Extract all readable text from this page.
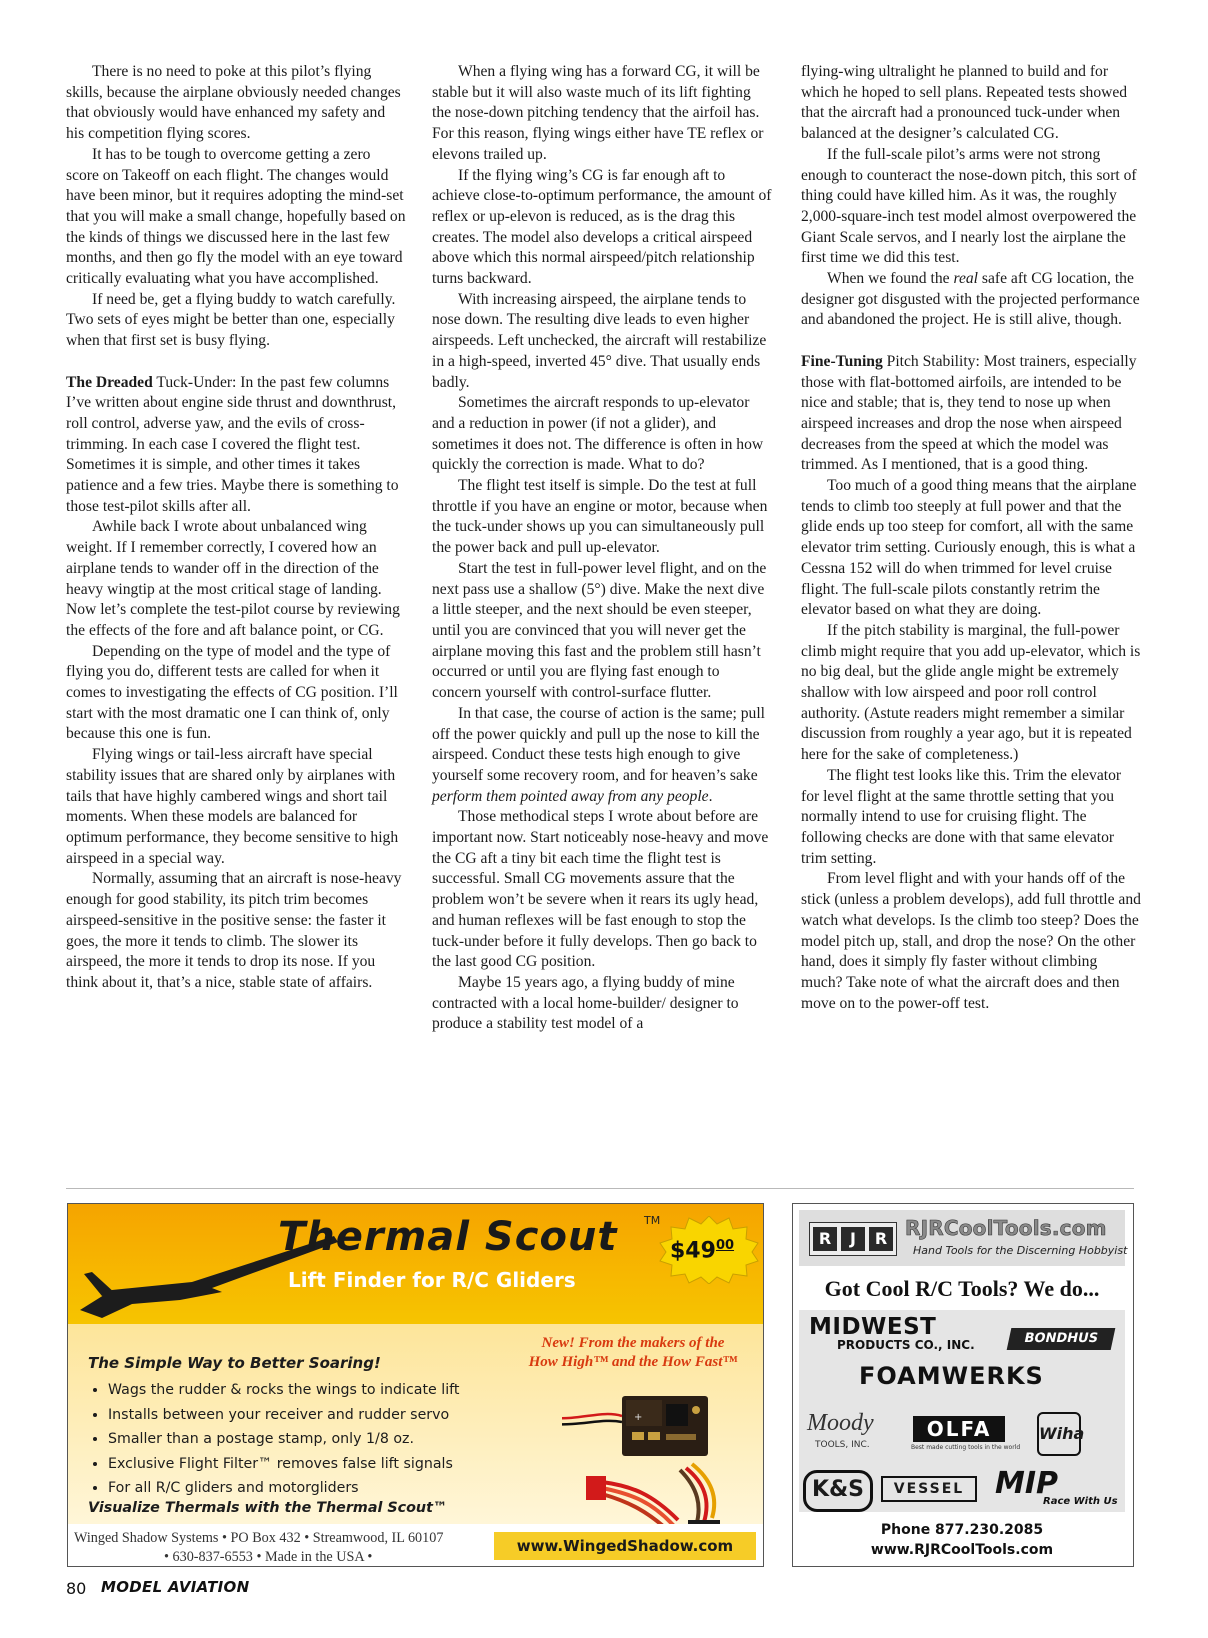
There is no need to poke at this pilot’s flying skills, because the airplane obviously needed changes that obviously would have enhanced my safety and his competition flying scores.

It has to be tough to overcome getting a zero score on Takeoff on each flight. The changes would have been minor, but it requires adopting the mind-set that you will make a small change, hopefully based on the kinds of things we discussed here in the last few months, and then go fly the model with an eye toward critically evaluating what you have accomplished.

If need be, get a flying buddy to watch carefully. Two sets of eyes might be better than one, especially when that first set is busy flying.

The Dreaded Tuck-Under: In the past few columns I’ve written about engine side thrust and downthrust, roll control, adverse yaw, and the evils of cross-trimming. In each case I covered the flight test. Sometimes it is simple, and other times it takes patience and a few tries. Maybe there is something to those test-pilot skills after all.

Awhile back I wrote about unbalanced wing weight. If I remember correctly, I covered how an airplane tends to wander off in the direction of the heavy wingtip at the most critical stage of landing. Now let’s complete the test-pilot course by reviewing the effects of the fore and aft balance point, or CG.

Depending on the type of model and the type of flying you do, different tests are called for when it comes to investigating the effects of CG position. I’ll start with the most dramatic one I can think of, only because this one is fun.

Flying wings or tail-less aircraft have special stability issues that are shared only by airplanes with tails that have highly cambered wings and short tail moments. When these models are balanced for optimum performance, they become sensitive to high airspeed in a special way.

Normally, assuming that an aircraft is nose-heavy enough for good stability, its pitch trim becomes airspeed-sensitive in the positive sense: the faster it goes, the more it tends to climb. The slower its airspeed, the more it tends to drop its nose. If you think about it, that’s a nice, stable state of affairs.

When a flying wing has a forward CG, it will be stable but it will also waste much of its lift fighting the nose-down pitching tendency that the airfoil has. For this reason, flying wings either have TE reflex or elevons trailed up.

If the flying wing’s CG is far enough aft to achieve close-to-optimum performance, the amount of reflex or up-elevon is reduced, as is the drag this creates. The model also develops a critical airspeed above which this normal airspeed/pitch relationship turns backward.

With increasing airspeed, the airplane tends to nose down. The resulting dive leads to even higher airspeeds. Left unchecked, the aircraft will restabilize in a high-speed, inverted 45° dive. That usually ends badly.

Sometimes the aircraft responds to up-elevator and a reduction in power (if not a glider), and sometimes it does not. The difference is often in how quickly the correction is made. What to do?

The flight test itself is simple. Do the test at full throttle if you have an engine or motor, because when the tuck-under shows up you can simultaneously pull the power back and pull up-elevator.

Start the test in full-power level flight, and on the next pass use a shallow (5°) dive. Make the next dive a little steeper, and the next should be even steeper, until you are convinced that you will never get the airplane moving this fast and the problem still hasn’t occurred or until you are flying fast enough to concern yourself with control-surface flutter.

In that case, the course of action is the same; pull off the power quickly and pull up the nose to kill the airspeed. Conduct these tests high enough to give yourself some recovery room, and for heaven’s sake perform them pointed away from any people.

Those methodical steps I wrote about before are important now. Start noticeably nose-heavy and move the CG aft a tiny bit each time the flight test is successful. Small CG movements assure that the problem won’t be severe when it rears its ugly head, and human reflexes will be fast enough to stop the tuck-under before it fully develops. Then go back to the last good CG position.

Maybe 15 years ago, a flying buddy of mine contracted with a local home-builder/ designer to produce a stability test model of a

flying-wing ultralight he planned to build and for which he hoped to sell plans. Repeated tests showed that the aircraft had a pronounced tuck-under when balanced at the designer’s calculated CG.

If the full-scale pilot’s arms were not strong enough to counteract the nose-down pitch, this sort of thing could have killed him. As it was, the roughly 2,000-square-inch test model almost overpowered the Giant Scale servos, and I nearly lost the airplane the first time we did this test.

When we found the real safe aft CG location, the designer got disgusted with the projected performance and abandoned the project. He is still alive, though.

Fine-Tuning Pitch Stability: Most trainers, especially those with flat-bottomed airfoils, are intended to be nice and stable; that is, they tend to nose up when airspeed increases and drop the nose when airspeed decreases from the speed at which the model was trimmed. As I mentioned, that is a good thing.

Too much of a good thing means that the airplane tends to climb too steeply at full power and that the glide ends up too steep for comfort, all with the same elevator trim setting. Curiously enough, this is what a Cessna 152 will do when trimmed for level cruise flight. The full-scale pilots constantly retrim the elevator based on what they are doing.

If the pitch stability is marginal, the full-power climb might require that you add up-elevator, which is no big deal, but the glide angle might be extremely shallow with low airspeed and poor roll control authority. (Astute readers might remember a similar discussion from roughly a year ago, but it is repeated here for the sake of completeness.)

The flight test looks like this. Trim the elevator for level flight at the same throttle setting that you normally intend to use for cruising flight. The following checks are done with that same elevator trim setting.

From level flight and with your hands off of the stick (unless a problem develops), add full throttle and watch what develops. Is the climb too steep? Does the model pitch up, stall, and drop the nose? On the other hand, does it simply fly faster without climbing much? Take note of what the aircraft does and then move on to the power-off test.

Thermal Scout TM
Lift Finder for R/C Gliders
$\$49^{00}$
New! From the makers of the
How High™ and the How Fast™
The Simple Way to Better Soaring!
• Wags the rudder & rocks the wings to indicate lift
• Installs between your receiver and rudder servo
• Smaller than a postage stamp, only 1/8 oz.
• Exclusive Flight Filter™ removes false lift signals
• For all R/C gliders and motorgliders
Visualize Thermals with the Thermal Scout™
+
Winged Shadow Systems • PO Box 432 • Streamwood, IL 60107
• 630-837-6553 • Made in the USA •
www.WingedShadow.com
R J R RJRCoolTools.com
Hand Tools for the Discerning Hobbyist
Got Cool R/C Tools? We do...
MIDWEST
PRODUCTS CO., INC.	BONDHUS
FOAMWERKS
Moody
TOOLS, INC.
OLFA
Best made cutting tools in the world
Wiha
K&S	VESSEL	MIP
Race With Us
Phone 877.230.2085
www.RJRCoolTools.com
80 MODEL AVIATION
